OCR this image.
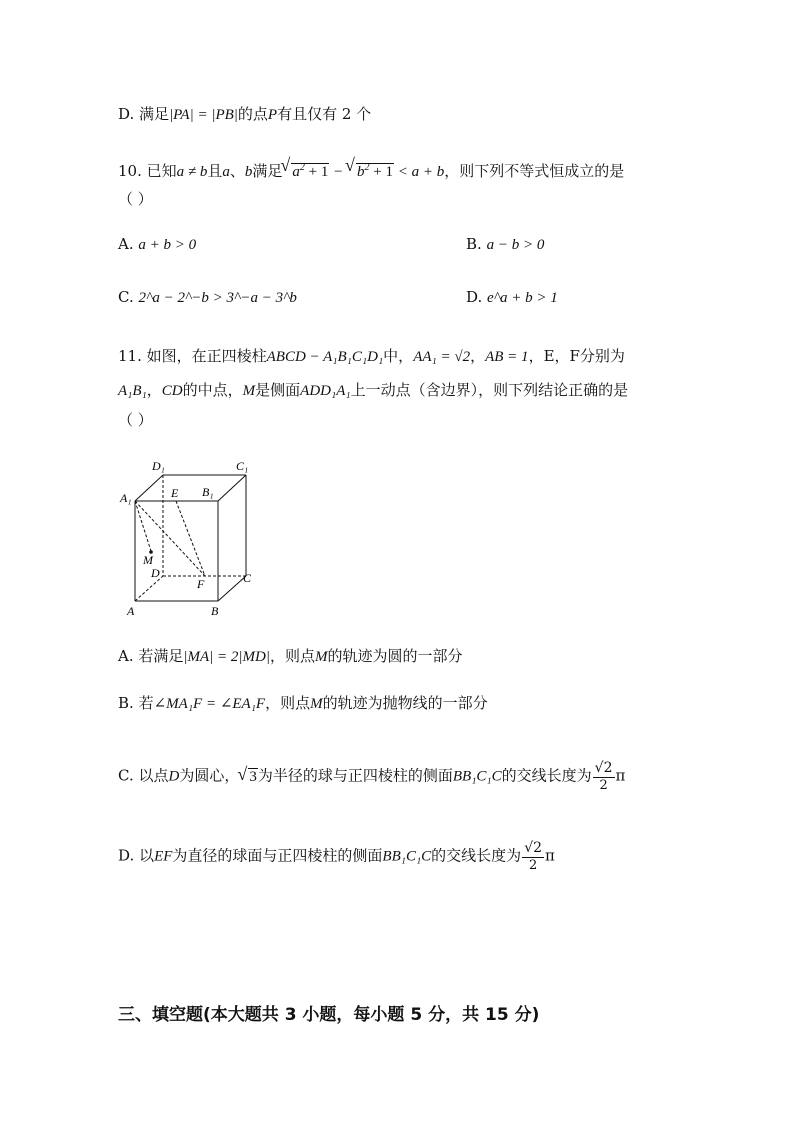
D. 满足|PA| = |PB|的点P有且仅有 2 个
10. 已知a ≠ b且a、b满足 √ $a^2 + 1$ − √ $b^2 + 1 < a + b$，则下列不等式恒成立的是
（ ）
A. a + b > 0	B. a − b > 0
C. 2^a − 2^−b > 3^−a − 3^b	D. e^a + b > 1
11. 如图，在正四棱柱ABCD − A₁B₁C₁D₁中，AA₁ = √2，AB = 1，E，F分别为
A₁B₁，CD的中点，M是侧面ADD₁A₁上一动点（含边界），则下列结论正确的是
（ ）
D₁	C₁
A₁	E B₁
M
D
F	C
A	B
A. 若满足|MA| = 2|MD|，则点M的轨迹为圆的一部分
B. 若∠MA₁F = ∠EA₁F，则点M的轨迹为抛物线的一部分
C. 以点D为圆心， √ 3为半径的球与正四棱柱的侧面BB₁C₁C的交线长度为 $\frac{√2}{2}$ π
D. 以EF为直径的球面与正四棱柱的侧面BB₁C₁C的交线长度为 $\frac{√2}{2}$ π
三、填空题(本大题共 3 小题，每小题 5 分，共 15 分)
